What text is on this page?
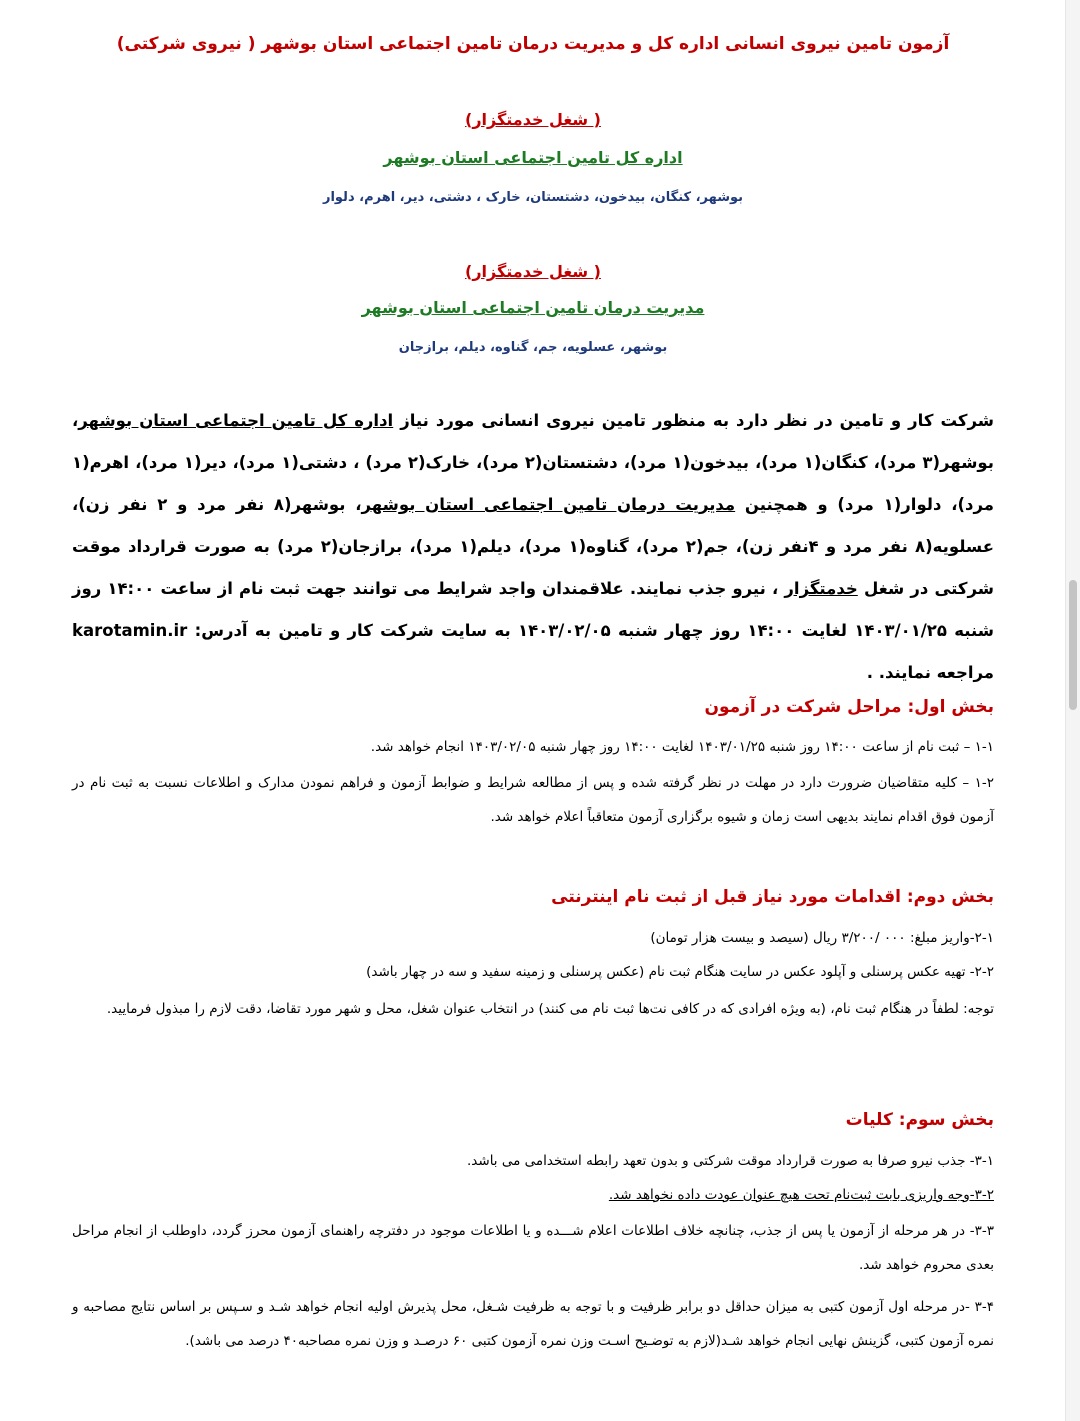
آزمون تامین نیروی انسانی اداره کل و مدیریت درمان تامین اجتماعی استان بوشهر ( نیروی شرکتی)
( شغل خدمتگزار)
اداره کل تامین اجتماعی استان بوشهر
بوشهر، کنگان، بیدخون، دشتستان، خارک ، دشتی، دیر، اهرم، دلوار
( شغل خدمتگزار)
مدیریت درمان تامین اجتماعی استان بوشهر
بوشهر، عسلویه، جم، گناوه، دیلم، برازجان
شرکت کار و تامین در نظر دارد به منظور تامین نیروی انسانی مورد نیاز اداره کل تامین اجتماعی استان بوشهر، بوشهر(۳ مرد)، کنگان(۱ مرد)، بیدخون(۱ مرد)، دشتستان(۲ مرد)، خارک(۲ مرد) ، دشتی(۱ مرد)، دیر(۱ مرد)، اهرم(۱ مرد)، دلوار(۱ مرد) و همچنین مدیریت درمان تامین اجتماعی استان بوشهر، بوشهر(۸ نفر مرد و ۲ نفر زن)، عسلویه(۸ نفر مرد و ۴نفر زن)، جم(۲ مرد)، گناوه(۱ مرد)، دیلم(۱ مرد)، برازجان(۲ مرد) به صورت قرارداد موقت شرکتی در شغل خدمتگزار ، نیرو جذب نمایند. علاقمندان واجد شرایط می توانند جهت ثبت نام از ساعت ۱۴:۰۰ روز شنبه ۱۴۰۳/۰۱/۲۵ لغایت ۱۴:۰۰ روز چهار شنبه ۱۴۰۳/۰۲/۰۵ به سایت شرکت کار و تامین به آدرس: karotamin.ir مراجعه نمایند. .
بخش اول: مراحل شرکت در آزمون
۱-۱ – ثبت نام از ساعت ۱۴:۰۰ روز شنبه ۱۴۰۳/۰۱/۲۵ لغایت ۱۴:۰۰ روز چهار شنبه ۱۴۰۳/۰۲/۰۵ انجام خواهد شد.
۱-۲ – کلیه متقاضیان ضرورت دارد در مهلت در نظر گرفته شده و پس از مطالعه شرایط و ضوابط آزمون و فراهم نمودن مدارک و اطلاعات نسبت به ثبت نام در آزمون فوق اقدام نمایند بدیهی است زمان و شیوه برگزاری آزمون متعاقباً اعلام خواهد شد.
بخش دوم: اقدامات مورد نیاز قبل از ثبت نام اینترنتی
۲-۱-واریز مبلغ: ۰۰۰ /۳/۲۰۰ ریال (سیصد و بیست هزار تومان)
۲-۲- تهیه عکس پرسنلی و آپلود عکس در سایت هنگام ثبت نام (عکس پرسنلی و زمینه سفید و سه در چهار باشد)
توجه: لطفاً در هنگام ثبت نام، (به ویژه افرادی که در کافی نت‌ها ثبت نام می کنند) در انتخاب عنوان شغل، محل و شهر مورد تقاضا، دقت لازم را مبذول فرمایید.
بخش سوم: کلیات
۳-۱- جذب نیرو صرفا به صورت قرارداد موقت شرکتی و بدون تعهد رابطه استخدامی می باشد.
۳-۲-وجه واریزی بابت ثبت‌نام تحت هیچ عنوان عودت داده نخواهد شد.
۳-۳- در هر مرحله از آزمون یا پس از جذب، چنانچه خلاف اطلاعات اعلام شـــده و یا اطلاعات موجود در دفترچه راهنمای آزمون محرز گردد، داوطلب از انجام مراحل بعدی محروم خواهد شد.
۳-۴ -در مرحله اول آزمون کتبی به میزان حداقل دو برابر ظرفیت و با توجه به ظرفیت شـغل، محل پذیرش اولیه انجام خواهد شـد و سـپس بر اساس نتایج مصاحبه و نمره آزمون کتبی، گزینش نهایی انجام خواهد شـد(لازم به توضـیح اسـت وزن نمره آزمون کتبی ۶۰ درصـد و وزن نمره مصاحبه۴۰ درصد می باشد).
